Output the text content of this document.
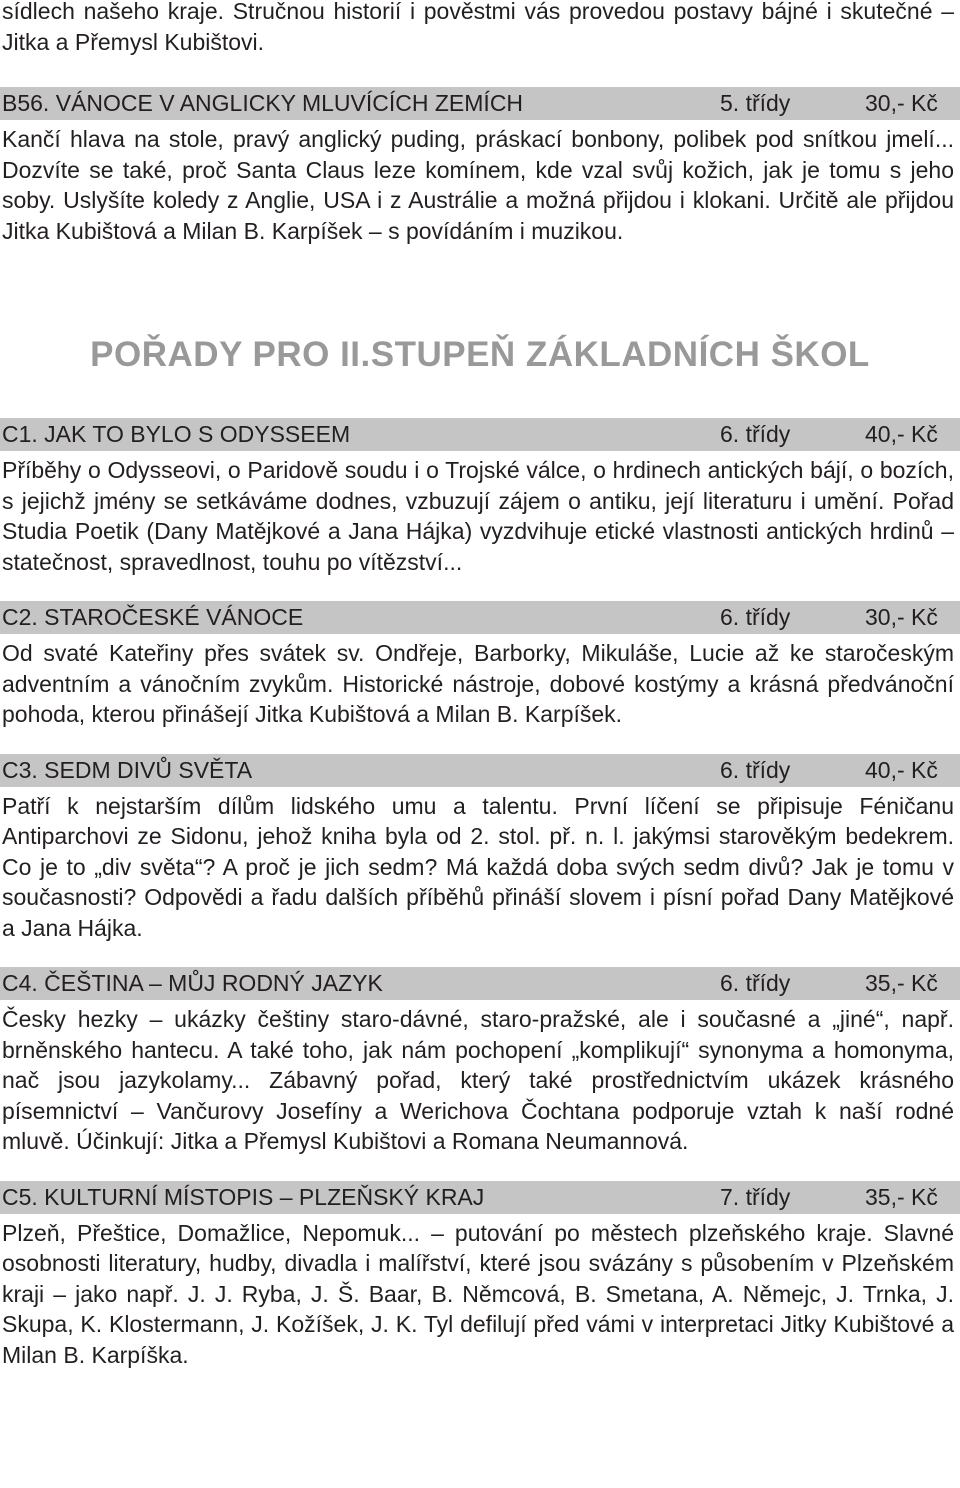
sídlech našeho kraje. Stručnou historií i pověstmi vás provedou postavy bájné i skutečné – Jitka a Přemysl Kubištovi.

B56. VÁNOCE V ANGLICKY MLUVÍCÍCH ZEMÍCH	5. třídy	30,- Kč

Kančí hlava na stole, pravý anglický puding, práskací bonbony, polibek pod snítkou jmelí... Dozvíte se také, proč Santa Claus leze komínem, kde vzal svůj kožich, jak je tomu s jeho soby. Uslyšíte koledy z Anglie, USA i z Austrálie a možná přijdou i klokani. Určitě ale přijdou Jitka Kubištová a Milan B. Karpíšek – s povídáním i muzikou.

POŘADY PRO II.STUPEŇ ZÁKLADNÍCH ŠKOL
C1. JAK TO BYLO S ODYSSEEM	6. třídy	40,- Kč

Příběhy o Odysseovi, o Paridově soudu i o Trojské válce, o hrdinech antických bájí, o bozích, s jejichž jmény se setkáváme dodnes, vzbuzují zájem o antiku, její literaturu i umění. Pořad Studia Poetik (Dany Matějkové a Jana Hájka) vyzdvihuje etické vlastnosti antických hrdinů – statečnost, spravedlnost, touhu po vítězství...

C2. STAROČESKÉ VÁNOCE	6. třídy	30,- Kč

Od svaté Kateřiny přes svátek sv. Ondřeje, Barborky, Mikuláše, Lucie až ke staročeským adventním a vánočním zvykům. Historické nástroje, dobové kostýmy a krásná předvánoční pohoda, kterou přinášejí Jitka Kubištová a Milan B. Karpíšek.

C3. SEDM DIVŮ SVĚTA	6. třídy	40,- Kč

Patří k nejstarším dílům lidského umu a talentu. První líčení se připisuje Féničanu Antiparchovi ze Sidonu, jehož kniha byla od 2. stol. př. n. l. jakýmsi starověkým bedekrem. Co je to „div světa“? A proč je jich sedm? Má každá doba svých sedm divů? Jak je tomu v současnosti? Odpovědi a řadu dalších příběhů přináší slovem i písní pořad Dany Matějkové a Jana Hájka.

C4. ČEŠTINA – MŮJ RODNÝ JAZYK	6. třídy	35,- Kč

Česky hezky – ukázky češtiny staro-dávné, staro-pražské, ale i současné a „jiné“, např. brněnského hantecu. A také toho, jak nám pochopení „komplikují“ synonyma a homonyma, nač jsou jazykolamy... Zábavný pořad, který také prostřednictvím ukázek krásného písemnictví – Vančurovy Josefíny a Werichova Čochtana podporuje vztah k naší rodné mluvě. Účinkují: Jitka a Přemysl Kubištovi a Romana Neumannová.

C5. KULTURNÍ MÍSTOPIS – PLZEŇSKÝ KRAJ	7. třídy	35,- Kč

Plzeň, Přeštice, Domažlice, Nepomuk... – putování po městech plzeňského kraje. Slavné osobnosti literatury, hudby, divadla i malířství, které jsou svázány s působením v Plzeňském kraji – jako např. J. J. Ryba, J. Š. Baar, B. Němcová, B. Smetana, A. Němejc, J. Trnka, J. Skupa, K. Klostermann, J. Kožíšek, J. K. Tyl defilují před vámi v interpretaci Jitky Kubištové a Milan B. Karpíška.
